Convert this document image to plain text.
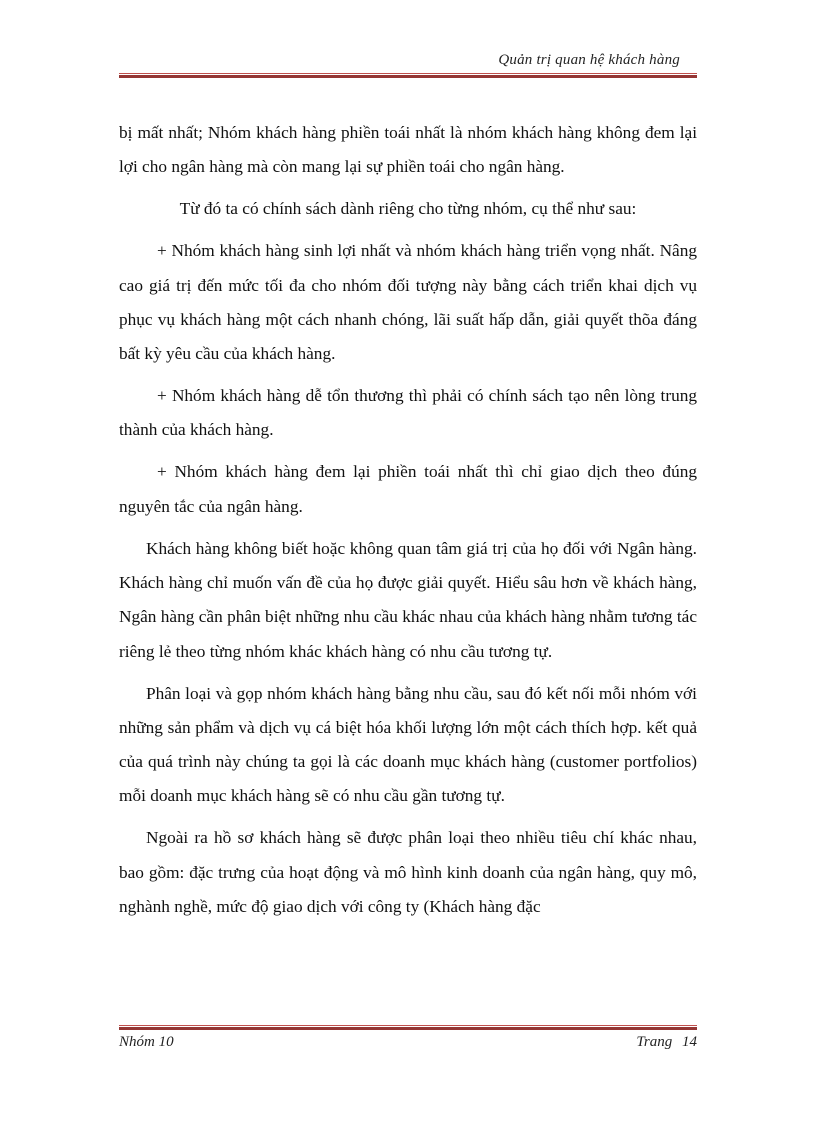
Quản trị quan hệ khách hàng

bị mất nhất; Nhóm khách hàng phiền toái nhất là nhóm khách hàng không đem lại lợi cho ngân hàng mà còn mang lại sự phiền toái cho ngân hàng.

Từ đó ta có chính sách dành riêng cho từng nhóm, cụ thể như sau:

+ Nhóm khách hàng sinh lợi nhất và nhóm khách hàng triển vọng nhất. Nâng cao giá trị đến mức tối đa cho nhóm đối tượng này bằng cách triển khai dịch vụ phục vụ khách hàng một cách nhanh chóng, lãi suất hấp dẫn, giải quyết thõa đáng bất kỳ yêu cầu của khách hàng.

+ Nhóm khách hàng dễ tổn thương thì phải có chính sách tạo nên lòng trung thành của khách hàng.

+ Nhóm khách hàng đem lại phiền toái nhất thì chỉ giao dịch theo đúng nguyên tắc của ngân hàng.

Khách hàng không biết hoặc không quan tâm giá trị của họ đối với Ngân hàng. Khách hàng chỉ muốn vấn đề của họ được giải quyết. Hiểu sâu hơn về khách hàng, Ngân hàng cần phân biệt những nhu cầu khác nhau của khách hàng nhằm tương tác riêng lẻ theo từng nhóm khác khách hàng có nhu cầu tương tự.

Phân loại và gọp nhóm khách hàng bằng nhu cầu, sau đó kết nối mỗi nhóm với những sản phẩm và dịch vụ cá biệt hóa khối lượng lớn một cách thích hợp. kết quả của quá trình này chúng ta gọi là các doanh mục khách hàng (customer portfolios) mỗi doanh mục khách hàng sẽ có nhu cầu gần tương tự.

Ngoài ra hồ sơ khách hàng sẽ được phân loại theo nhiều tiêu chí khác nhau, bao gồm: đặc trưng của hoạt động và mô hình kinh doanh của ngân hàng, quy mô, nghành nghề, mức độ giao dịch với công ty (Khách hàng đặc

Nhóm 10	Trang 14
